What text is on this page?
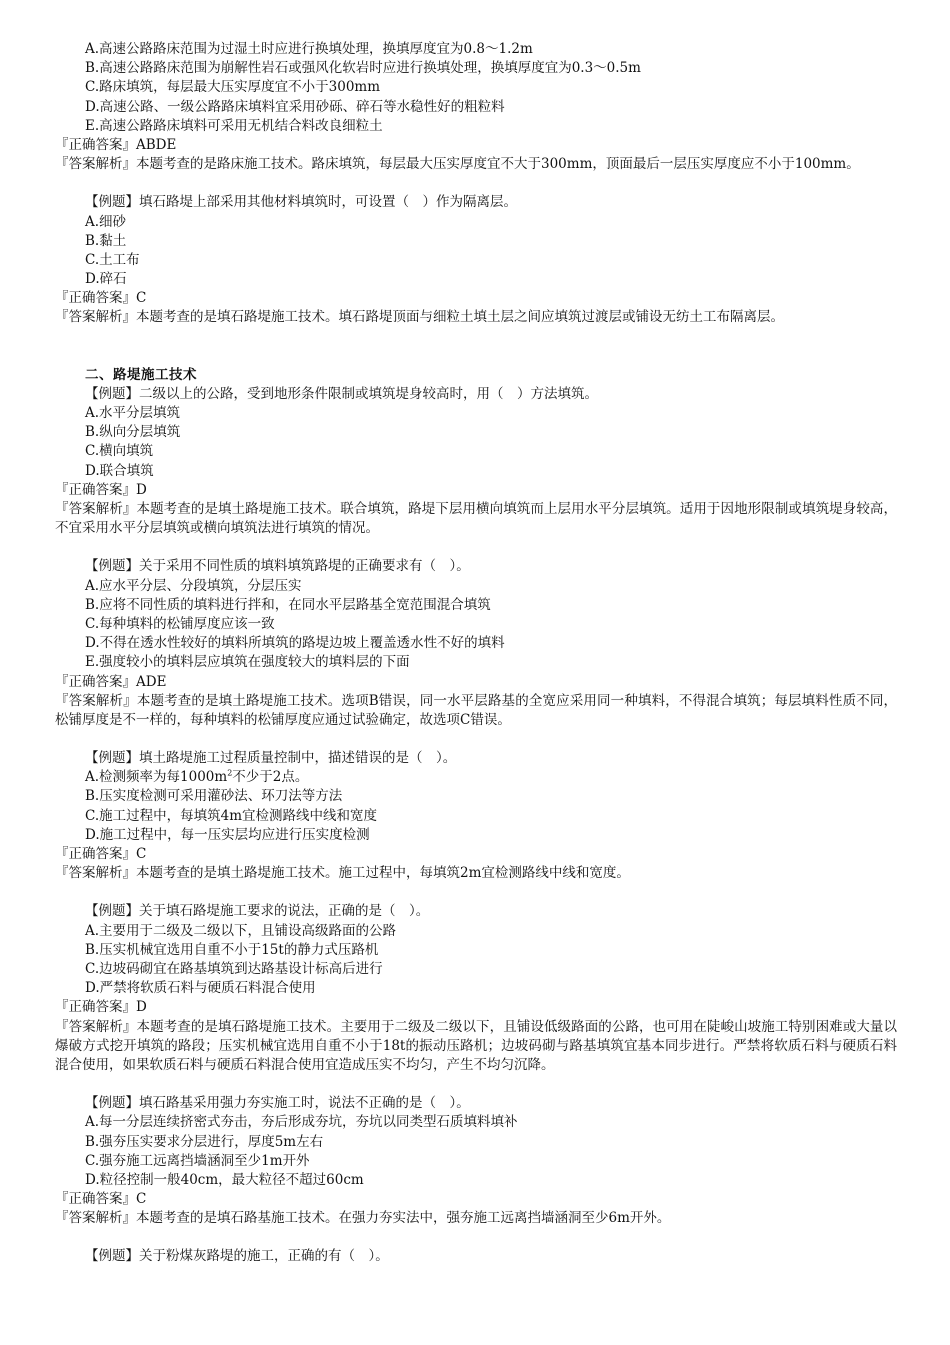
A.高速公路路床范围为过湿土时应进行换填处理，换填厚度宜为0.8～1.2m
B.高速公路路床范围为崩解性岩石或强风化软岩时应进行换填处理，换填厚度宜为0.3～0.5m
C.路床填筑，每层最大压实厚度宜不小于300mm
D.高速公路、一级公路路床填料宜采用砂砾、碎石等水稳性好的粗粒料
E.高速公路路床填料可采用无机结合料改良细粒土
『正确答案』ABDE
『答案解析』本题考查的是路床施工技术。路床填筑，每层最大压实厚度宜不大于300mm，顶面最后一层压实厚度应不小于100mm。
【例题】填石路堤上部采用其他材料填筑时，可设置（　）作为隔离层。
A.细砂
B.黏土
C.土工布
D.碎石
『正确答案』C
『答案解析』本题考查的是填石路堤施工技术。填石路堤顶面与细粒土填土层之间应填筑过渡层或铺设无纺土工布隔离层。
二、路堤施工技术
【例题】二级以上的公路，受到地形条件限制或填筑堤身较高时，用（　）方法填筑。
A.水平分层填筑
B.纵向分层填筑
C.横向填筑
D.联合填筑
『正确答案』D
『答案解析』本题考查的是填土路堤施工技术。联合填筑，路堤下层用横向填筑而上层用水平分层填筑。适用于因地形限制或填筑堤身较高，不宜采用水平分层填筑或横向填筑法进行填筑的情况。
【例题】关于采用不同性质的填料填筑路堤的正确要求有（　）。
A.应水平分层、分段填筑，分层压实
B.应将不同性质的填料进行拌和，在同水平层路基全宽范围混合填筑
C.每种填料的松铺厚度应该一致
D.不得在透水性较好的填料所填筑的路堤边坡上覆盖透水性不好的填料
E.强度较小的填料层应填筑在强度较大的填料层的下面
『正确答案』ADE
『答案解析』本题考查的是填土路堤施工技术。选项B错误，同一水平层路基的全宽应采用同一种填料，不得混合填筑；每层填料性质不同，松铺厚度是不一样的，每种填料的松铺厚度应通过试验确定，故选项C错误。
【例题】填土路堤施工过程质量控制中，描述错误的是（　）。
A.检测频率为每$1000m^2$不少于2点。
B.压实度检测可采用灌砂法、环刀法等方法
C.施工过程中，每填筑4m宜检测路线中线和宽度
D.施工过程中，每一压实层均应进行压实度检测
『正确答案』C
『答案解析』本题考查的是填土路堤施工技术。施工过程中，每填筑2m宜检测路线中线和宽度。
【例题】关于填石路堤施工要求的说法，正确的是（　）。
A.主要用于二级及二级以下，且铺设高级路面的公路
B.压实机械宜选用自重不小于15t的静力式压路机
C.边坡码砌宜在路基填筑到达路基设计标高后进行
D.严禁将软质石料与硬质石料混合使用
『正确答案』D
『答案解析』本题考查的是填石路堤施工技术。主要用于二级及二级以下，且铺设低级路面的公路，也可用在陡峻山坡施工特别困难或大量以爆破方式挖开填筑的路段；压实机械宜选用自重不小于18t的振动压路机；边坡码砌与路基填筑宜基本同步进行。严禁将软质石料与硬质石料混合使用，如果软质石料与硬质石料混合使用宜造成压实不均匀，产生不均匀沉降。
【例题】填石路基采用强力夯实施工时，说法不正确的是（　）。
A.每一分层连续挤密式夯击，夯后形成夯坑，夯坑以同类型石质填料填补
B.强夯压实要求分层进行，厚度5m左右
C.强夯施工远离挡墙涵洞至少1m开外
D.粒径控制一般40cm，最大粒径不超过60cm
『正确答案』C
『答案解析』本题考查的是填石路基施工技术。在强力夯实法中，强夯施工远离挡墙涵洞至少6m开外。
【例题】关于粉煤灰路堤的施工，正确的有（　）。
